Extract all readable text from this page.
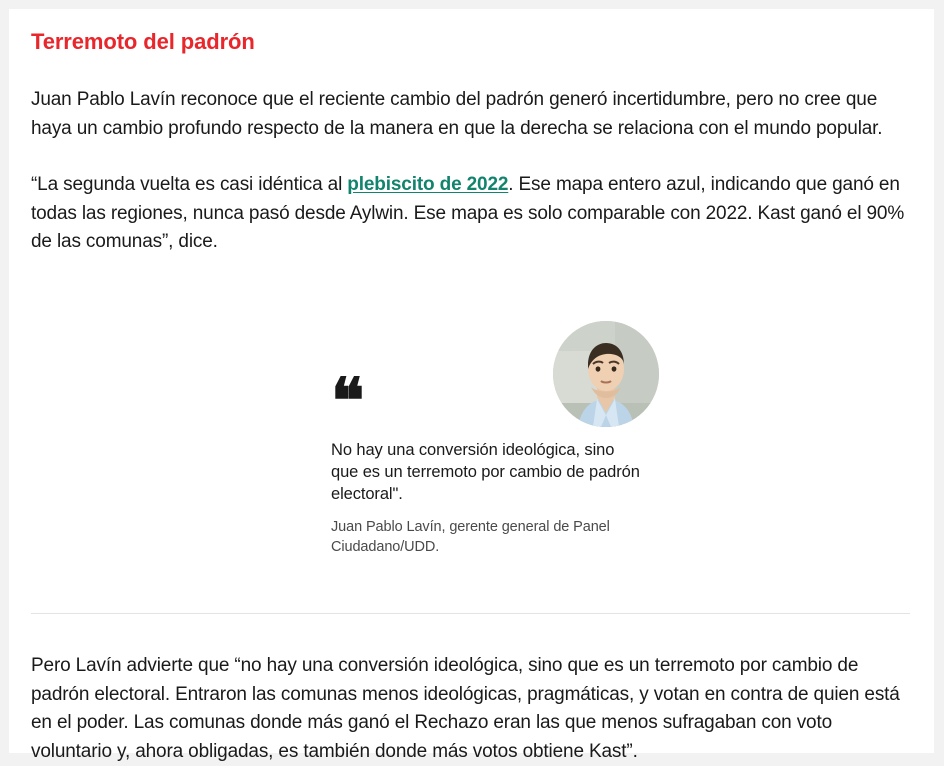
Terremoto del padrón

Juan Pablo Lavín reconoce que el reciente cambio del padrón generó incertidumbre, pero no cree que haya un cambio profundo respecto de la manera en que la derecha se relaciona con el mundo popular.

“La segunda vuelta es casi idéntica al plebiscito de 2022. Ese mapa entero azul, indicando que ganó en todas las regiones, nunca pasó desde Aylwin. Ese mapa es solo comparable con 2022. Kast ganó el 90% de las comunas”, dice.

❝
No hay una conversión ideológica, sino que es un terremoto por cambio de padrón electoral".
Juan Pablo Lavín, gerente general de Panel Ciudadano/UDD.

Pero Lavín advierte que “no hay una conversión ideológica, sino que es un terremoto por cambio de padrón electoral. Entraron las comunas menos ideológicas, pragmáticas, y votan en contra de quien está en el poder. Las comunas donde más ganó el Rechazo eran las que menos sufragaban con voto voluntario y, ahora obligadas, es también donde más votos obtiene Kast”.
